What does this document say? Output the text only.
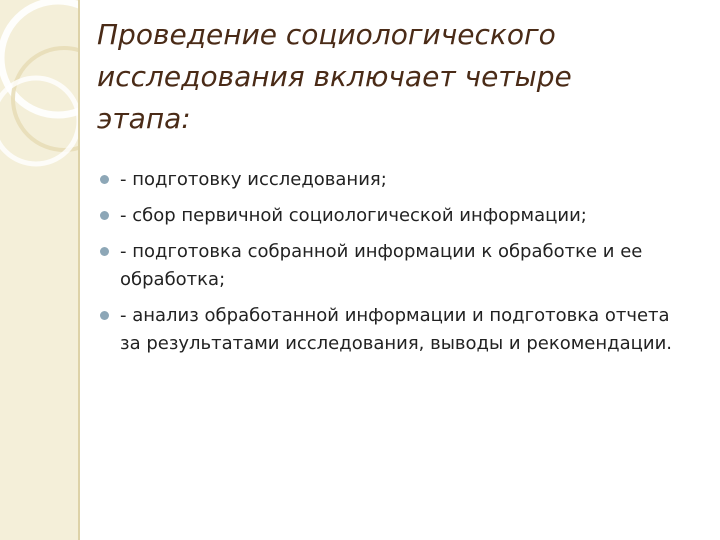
Проведение социологического
исследования включает четыре
этапа:
- подготовку исследования;
- сбор первичной социологической информации;
- подготовка собранной информации к обработке и ее обработка;
- анализ обработанной информации и подготовка отчета за результатами исследования, выводы и рекомендации.
